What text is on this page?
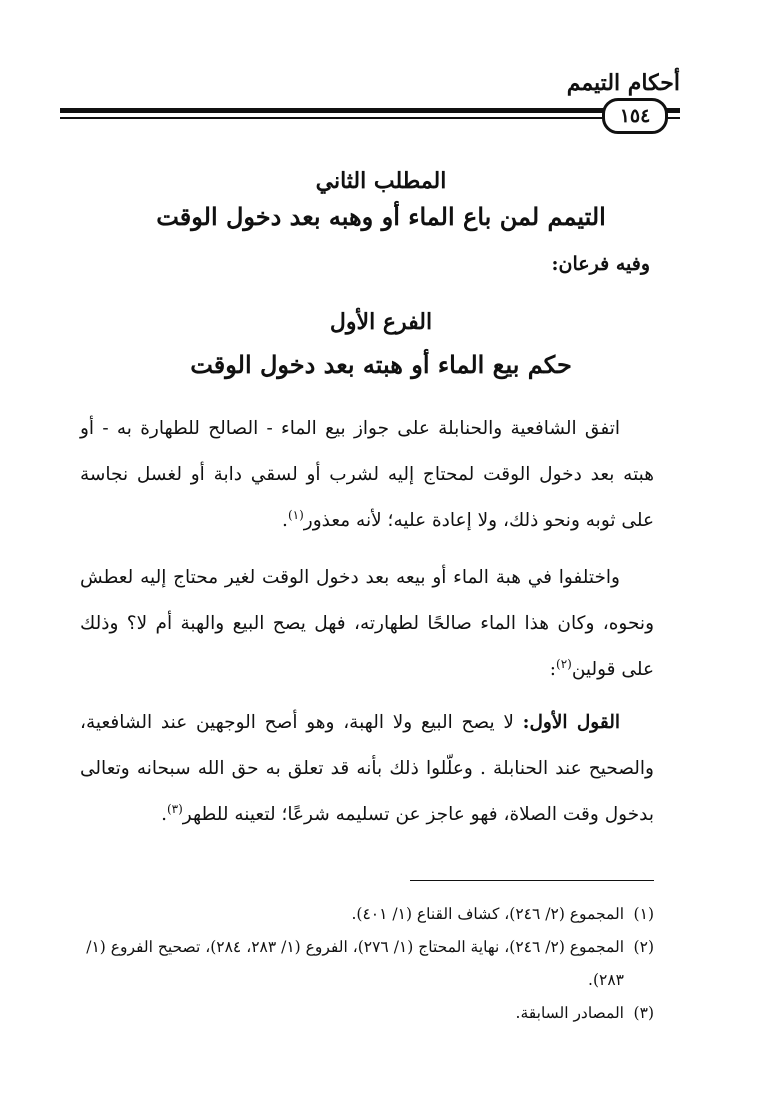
أحكام التيمم
١٥٤
المطلب الثاني
التيمم لمن باع الماء أو وهبه بعد دخول الوقت
وفيه فرعان:
الفرع الأول
حكم بيع الماء أو هبته بعد دخول الوقت
اتفق الشافعية والحنابلة على جواز بيع الماء - الصالح للطهارة به - أو هبته بعد دخول الوقت لمحتاج إليه لشرب أو لسقي دابة أو لغسل نجاسة على ثوبه ونحو ذلك، ولا إعادة عليه؛ لأنه معذور$^{(١)}$.
واختلفوا في هبة الماء أو بيعه بعد دخول الوقت لغير محتاج إليه لعطش ونحوه، وكان هذا الماء صالحًا لطهارته، فهل يصح البيع والهبة أم لا؟ وذلك على قولين$^{(٢)}$:
القول الأول: لا يصح البيع ولا الهبة، وهو أصح الوجهين عند الشافعية، والصحيح عند الحنابلة . وعلّلوا ذلك بأنه قد تعلق به حق الله سبحانه وتعالى بدخول وقت الصلاة، فهو عاجز عن تسليمه شرعًا؛ لتعينه للطهر$^{(٣)}$.
(١)
المجموع (٢/ ٢٤٦)، كشاف القناع (١/ ٤٠١).
(٢)
المجموع (٢/ ٢٤٦)، نهاية المحتاج (١/ ٢٧٦)، الفروع (١/ ٢٨٣، ٢٨٤)، تصحيح الفروع (١/ ٢٨٣).
(٣)
المصادر السابقة.
